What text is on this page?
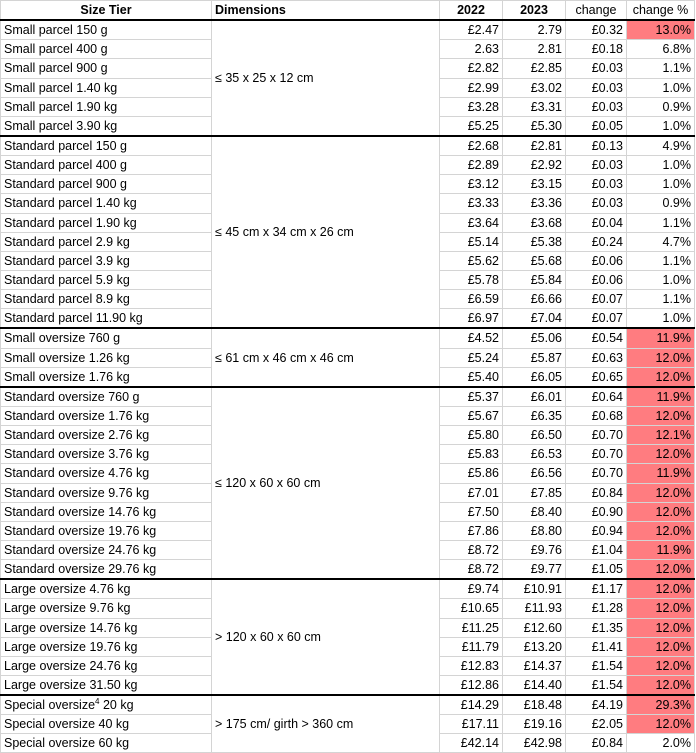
Size Tier	Dimensions	2022	2023	change	change %
Small parcel 150 g	≤ 35 x 25 x 12 cm	£2.47	2.79	£0.32	13.0%
Small parcel 400 g		2.63	2.81	£0.18	6.8%
Small parcel 900 g		£2.82	£2.85	£0.03	1.1%
Small parcel 1.40 kg		£2.99	£3.02	£0.03	1.0%
Small parcel 1.90 kg		£3.28	£3.31	£0.03	0.9%
Small parcel 3.90 kg		£5.25	£5.30	£0.05	1.0%
Standard parcel 150 g	≤ 45 cm x 34 cm x 26 cm	£2.68	£2.81	£0.13	4.9%
Standard parcel 400 g		£2.89	£2.92	£0.03	1.0%
Standard parcel 900 g		£3.12	£3.15	£0.03	1.0%
Standard parcel 1.40 kg		£3.33	£3.36	£0.03	0.9%
Standard parcel 1.90 kg		£3.64	£3.68	£0.04	1.1%
Standard parcel 2.9 kg		£5.14	£5.38	£0.24	4.7%
Standard parcel 3.9 kg		£5.62	£5.68	£0.06	1.1%
Standard parcel 5.9 kg		£5.78	£5.84	£0.06	1.0%
Standard parcel 8.9 kg		£6.59	£6.66	£0.07	1.1%
Standard parcel 11.90 kg		£6.97	£7.04	£0.07	1.0%
Small oversize 760 g	≤ 61 cm x 46 cm x 46 cm	£4.52	£5.06	£0.54	11.9%
Small oversize 1.26 kg		£5.24	£5.87	£0.63	12.0%
Small oversize 1.76 kg		£5.40	£6.05	£0.65	12.0%
Standard oversize 760 g	≤ 120 x 60 x 60 cm	£5.37	£6.01	£0.64	11.9%
Standard oversize 1.76 kg		£5.67	£6.35	£0.68	12.0%
Standard oversize 2.76 kg		£5.80	£6.50	£0.70	12.1%
Standard oversize 3.76 kg		£5.83	£6.53	£0.70	12.0%
Standard oversize 4.76 kg		£5.86	£6.56	£0.70	11.9%
Standard oversize 9.76 kg		£7.01	£7.85	£0.84	12.0%
Standard oversize 14.76 kg		£7.50	£8.40	£0.90	12.0%
Standard oversize 19.76 kg		£7.86	£8.80	£0.94	12.0%
Standard oversize 24.76 kg		£8.72	£9.76	£1.04	11.9%
Standard oversize 29.76 kg		£8.72	£9.77	£1.05	12.0%
Large oversize 4.76 kg	> 120 x 60 x 60 cm	£9.74	£10.91	£1.17	12.0%
Large oversize 9.76 kg		£10.65	£11.93	£1.28	12.0%
Large oversize 14.76 kg		£11.25	£12.60	£1.35	12.0%
Large oversize 19.76 kg		£11.79	£13.20	£1.41	12.0%
Large oversize 24.76 kg		£12.83	£14.37	£1.54	12.0%
Large oversize 31.50 kg		£12.86	£14.40	£1.54	12.0%
Special oversize$^4$ 20 kg	> 175 cm/ girth > 360 cm	£14.29	£18.48	£4.19	29.3%
Special oversize 40 kg		£17.11	£19.16	£2.05	12.0%
Special oversize 60 kg		£42.14	£42.98	£0.84	2.0%
